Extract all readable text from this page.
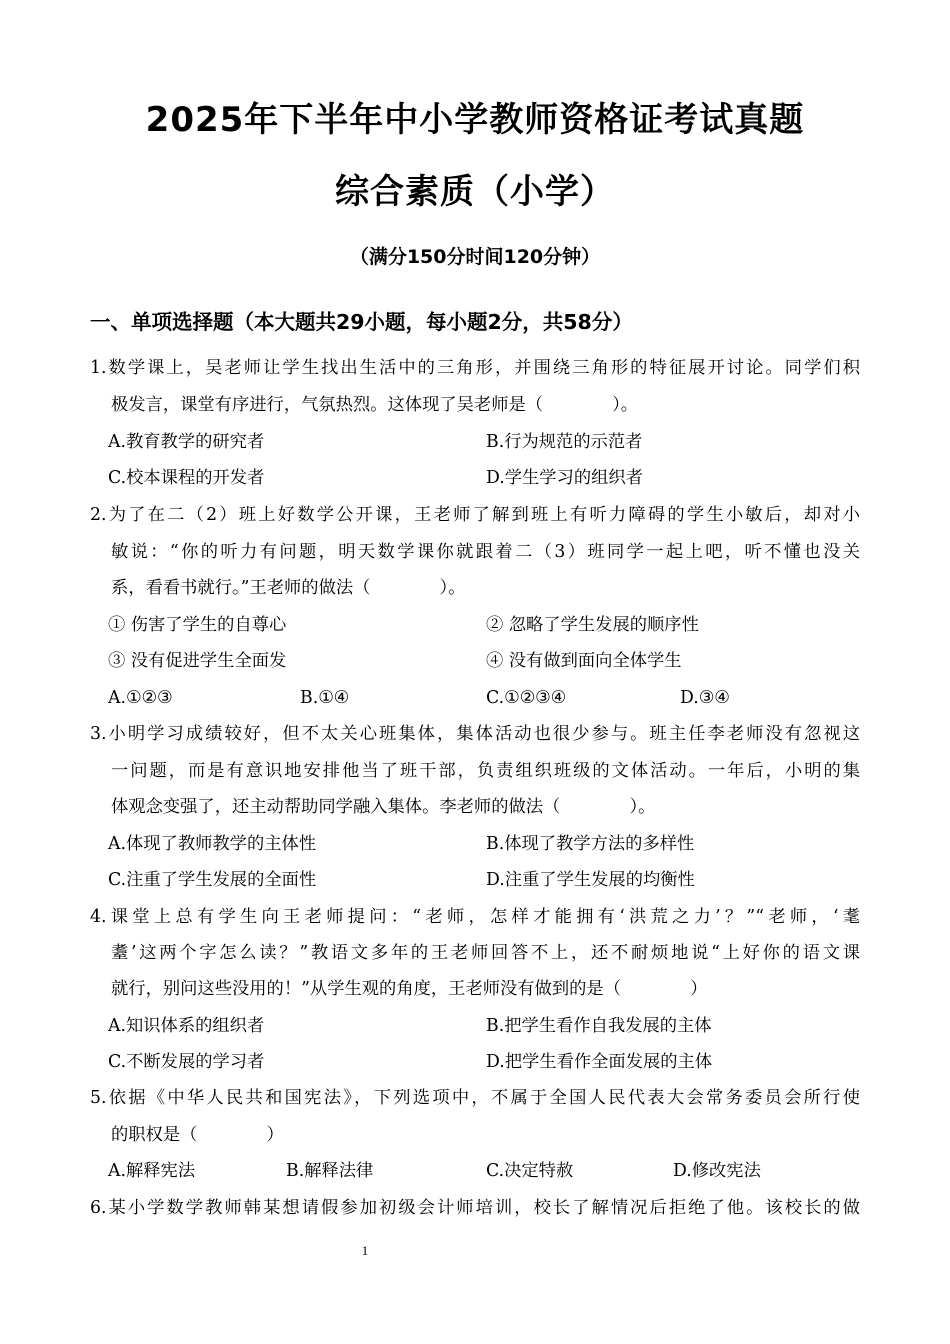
2025年下半年中小学教师资格证考试真题
综合素质（小学）
（满分150分时间120分钟）
一、单项选择题（本大题共29小题，每小题2分，共58分）
1.数学课上，吴老师让学生找出生活中的三角形，并围绕三角形的特征展开讨论。同学们积
极发言，课堂有序进行，气氛热烈。这体现了吴老师是（　　　　）。
A.教育教学的研究者	B.行为规范的示范者
C.校本课程的开发者	D.学生学习的组织者
2.为了在二（2）班上好数学公开课，王老师了解到班上有听力障碍的学生小敏后，却对小
敏说：“你的听力有问题，明天数学课你就跟着二（3）班同学一起上吧，听不懂也没关
系，看看书就行。”王老师的做法（　　　　）。
① 伤害了学生的自尊心	② 忽略了学生发展的顺序性
③ 没有促进学生全面发	④ 没有做到面向全体学生
A.①②③	B.①④	C.①②③④	D.③④
3.小明学习成绩较好，但不太关心班集体，集体活动也很少参与。班主任李老师没有忽视这
一问题，而是有意识地安排他当了班干部，负责组织班级的文体活动。一年后，小明的集
体观念变强了，还主动帮助同学融入集体。李老师的做法（　　　　）。
A.体现了教师教学的主体性	B.体现了教学方法的多样性
C.注重了学生发展的全面性	D.注重了学生发展的均衡性
4.课堂上总有学生向王老师提问：“老师，怎样才能拥有‘洪荒之力’？”“老师，‘耄
耋’这两个字怎么读？”教语文多年的王老师回答不上，还不耐烦地说“上好你的语文课
就行，别问这些没用的！”从学生观的角度，王老师没有做到的是（　　　　）
A.知识体系的组织者	B.把学生看作自我发展的主体
C.不断发展的学习者	D.把学生看作全面发展的主体
5.依据《中华人民共和国宪法》，下列选项中，不属于全国人民代表大会常务委员会所行使
的职权是（　　　　）
A.解释宪法	B.解释法律	C.决定特赦	D.修改宪法
6.某小学数学教师韩某想请假参加初级会计师培训，校长了解情况后拒绝了他。该校长的做
1
